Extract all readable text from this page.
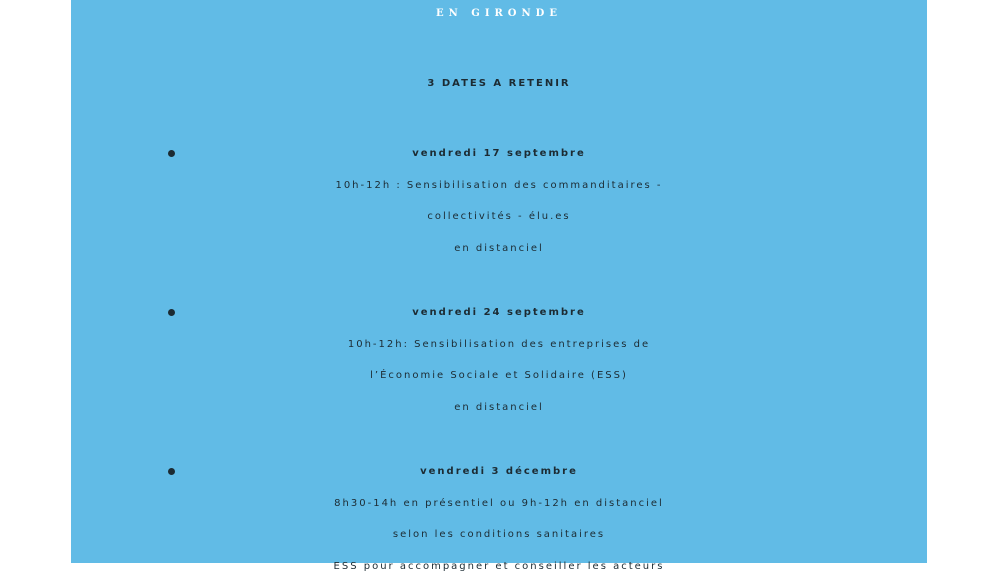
EN GIRONDE
3 DATES A RETENIR
vendredi 17 septembre
10h-12h : Sensibilisation des commanditaires -
collectivités - élu.es
en distanciel
vendredi 24 septembre
10h-12h: Sensibilisation des entreprises de
l’Économie Sociale et Solidaire (ESS)
en distanciel
vendredi 3 décembre
8h30-14h en présentiel ou 9h-12h en distanciel
selon les conditions sanitaires
ESS pour accompagner et conseiller les acteurs
